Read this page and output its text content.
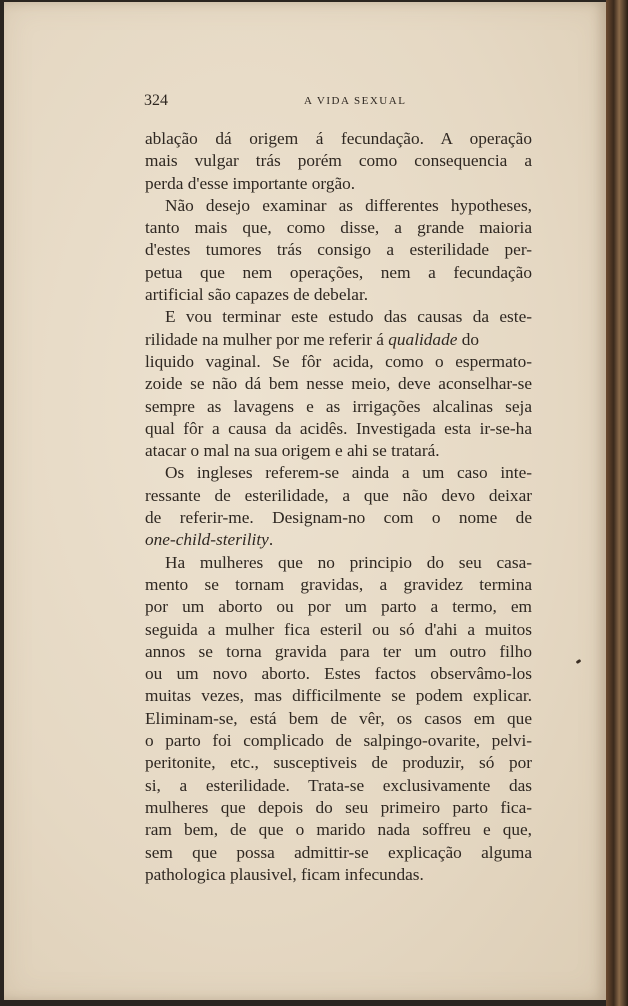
324	A VIDA SEXUAL
ablação dá origem á fecundação. A operação
mais vulgar trás porém como consequencia a
perda d'esse importante orgão.
Não desejo examinar as differentes hypotheses,
tanto mais que, como disse, a grande maioria
d'estes tumores trás consigo a esterilidade per-
petua que nem operações, nem a fecundação
artificial são capazes de debelar.
E vou terminar este estudo das causas da este-
rilidade na mulher por me referir á qualidade do
liquido vaginal. Se fôr acida, como o espermato-
zoide se não dá bem nesse meio, deve aconselhar-se
sempre as lavagens e as irrigações alcalinas seja
qual fôr a causa da acidês. Investigada esta ir-se-ha
atacar o mal na sua origem e ahi se tratará.
Os ingleses referem-se ainda a um caso inte-
ressante de esterilidade, a que não devo deixar
de referir-me. Designam-no com o nome de
one-child-sterility.
Ha mulheres que no principio do seu casa-
mento se tornam gravidas, a gravidez termina
por um aborto ou por um parto a termo, em
seguida a mulher fica esteril ou só d'ahi a muitos
annos se torna gravida para ter um outro filho
ou um novo aborto. Estes factos observâmo-los
muitas vezes, mas difficilmente se podem explicar.
Eliminam-se, está bem de vêr, os casos em que
o parto foi complicado de salpingo-ovarite, pelvi-
peritonite, etc., susceptiveis de produzir, só por
si, a esterilidade. Trata-se exclusivamente das
mulheres que depois do seu primeiro parto fica-
ram bem, de que o marido nada soffreu e que,
sem que possa admittir-se explicação alguma
pathologica plausivel, ficam infecundas.
